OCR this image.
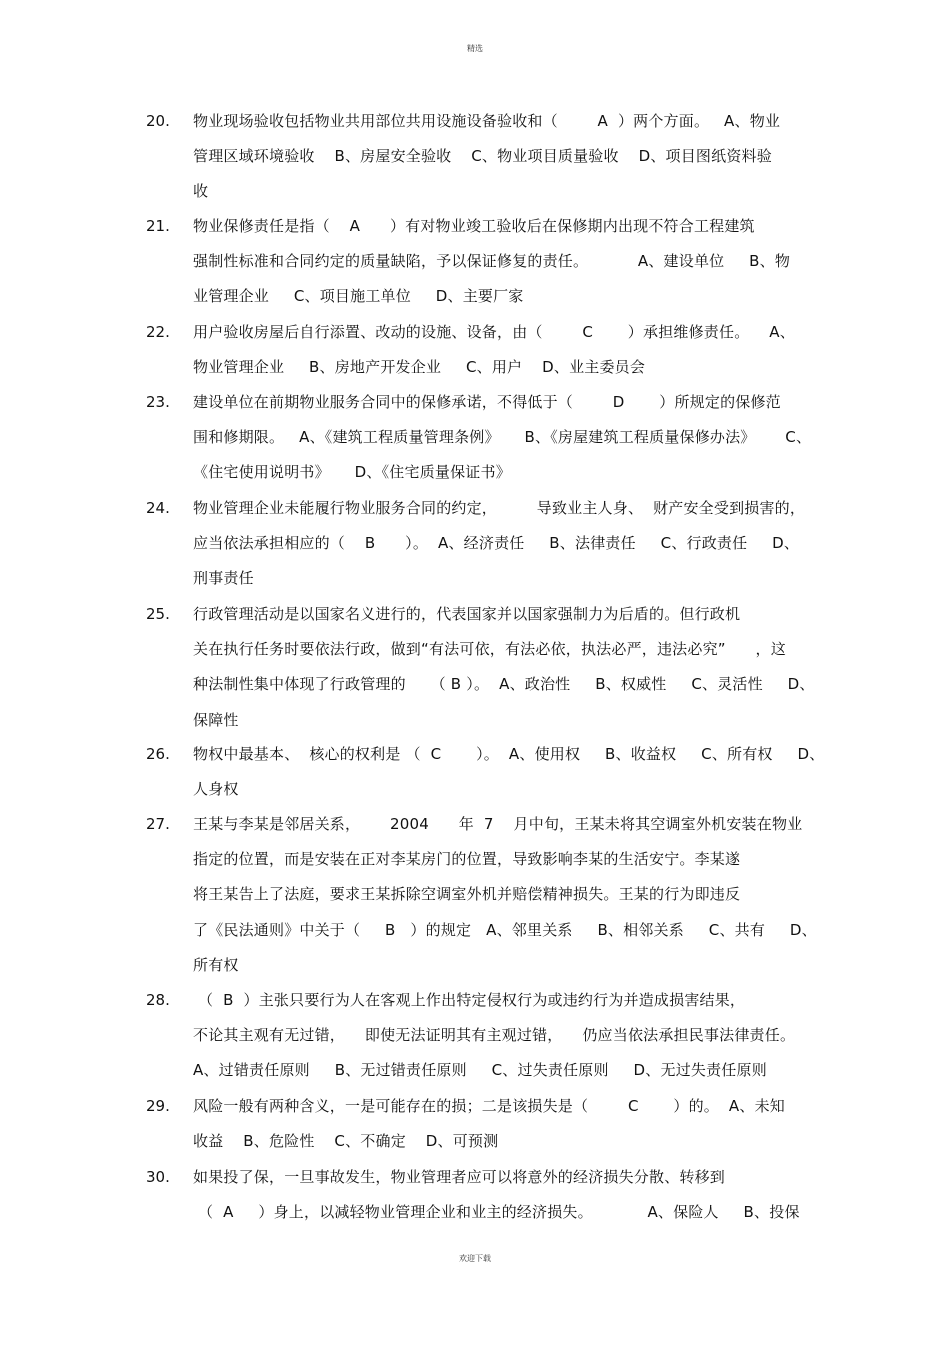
精选
20. 物业现场验收包括物业共用部位共用设施设备验收和（        A  ）两个方面。   A、物业
管理区域环境验收    B、房屋安全验收    C、物业项目质量验收    D、项目图纸资料验
收
21. 物业保修责任是指（    A      ）有对物业竣工验收后在保修期内出现不符合工程建筑
强制性标准和合同约定的质量缺陷，予以保证修复的责任。          A、建设单位     B、物
业管理企业     C、项目施工单位     D、主要厂家
22. 用户验收房屋后自行添置、改动的设施、设备，由（        C       ）承担维修责任。    A、
物业管理企业     B、房地产开发企业     C、用户    D、业主委员会
23. 建设单位在前期物业服务合同中的保修承诺，不得低于（        D       ）所规定的保修范
围和修期限。   A、《建筑工程质量管理条例》     B、《房屋建筑工程质量保修办法》      C、
《住宅使用说明书》     D、《住宅质量保证书》
24. 物业管理企业未能履行物业服务合同的约定，        导致业主人身、  财产安全受到损害的，
应当依法承担相应的（    B      ）。  A、经济责任     B、法律责任     C、行政责任     D、
刑事责任
25. 行政管理活动是以国家名义进行的，代表国家并以国家强制力为后盾的。但行政机
关在执行任务时要依法行政，做到“有法可依，有法必依，执法必严，违法必究”      ，这
种法制性集中体现了行政管理的     （ B ）。  A、政治性     B、权威性     C、灵活性     D、
保障性
26. 物权中最基本、  核心的权利是 （  C       ）。  A、使用权     B、收益权     C、所有权     D、
人身权
27. 王某与李某是邻居关系，      2004      年  7    月中旬，王某未将其空调室外机安装在物业
指定的位置，而是安装在正对李某房门的位置，导致影响李某的生活安宁。李某遂
将王某告上了法庭，要求王某拆除空调室外机并赔偿精神损失。王某的行为即违反
了《民法通则》中关于（     B   ）的规定   A、邻里关系     B、相邻关系     C、共有     D、
所有权
28. （  B  ）主张只要行为人在客观上作出特定侵权行为或违约行为并造成损害结果，
不论其主观有无过错，    即使无法证明其有主观过错，    仍应当依法承担民事法律责任。
A、过错责任原则     B、无过错责任原则     C、过失责任原则     D、无过失责任原则
29. 风险一般有两种含义，一是可能存在的损；二是该损失是（        C       ）的。  A、未知
收益    B、危险性    C、不确定    D、可预测
30. 如果投了保，一旦事故发生，物业管理者应可以将意外的经济损失分散、转移到
（  A     ）身上，以减轻物业管理企业和业主的经济损失。           A、保险人     B、投保
欢迎下载
